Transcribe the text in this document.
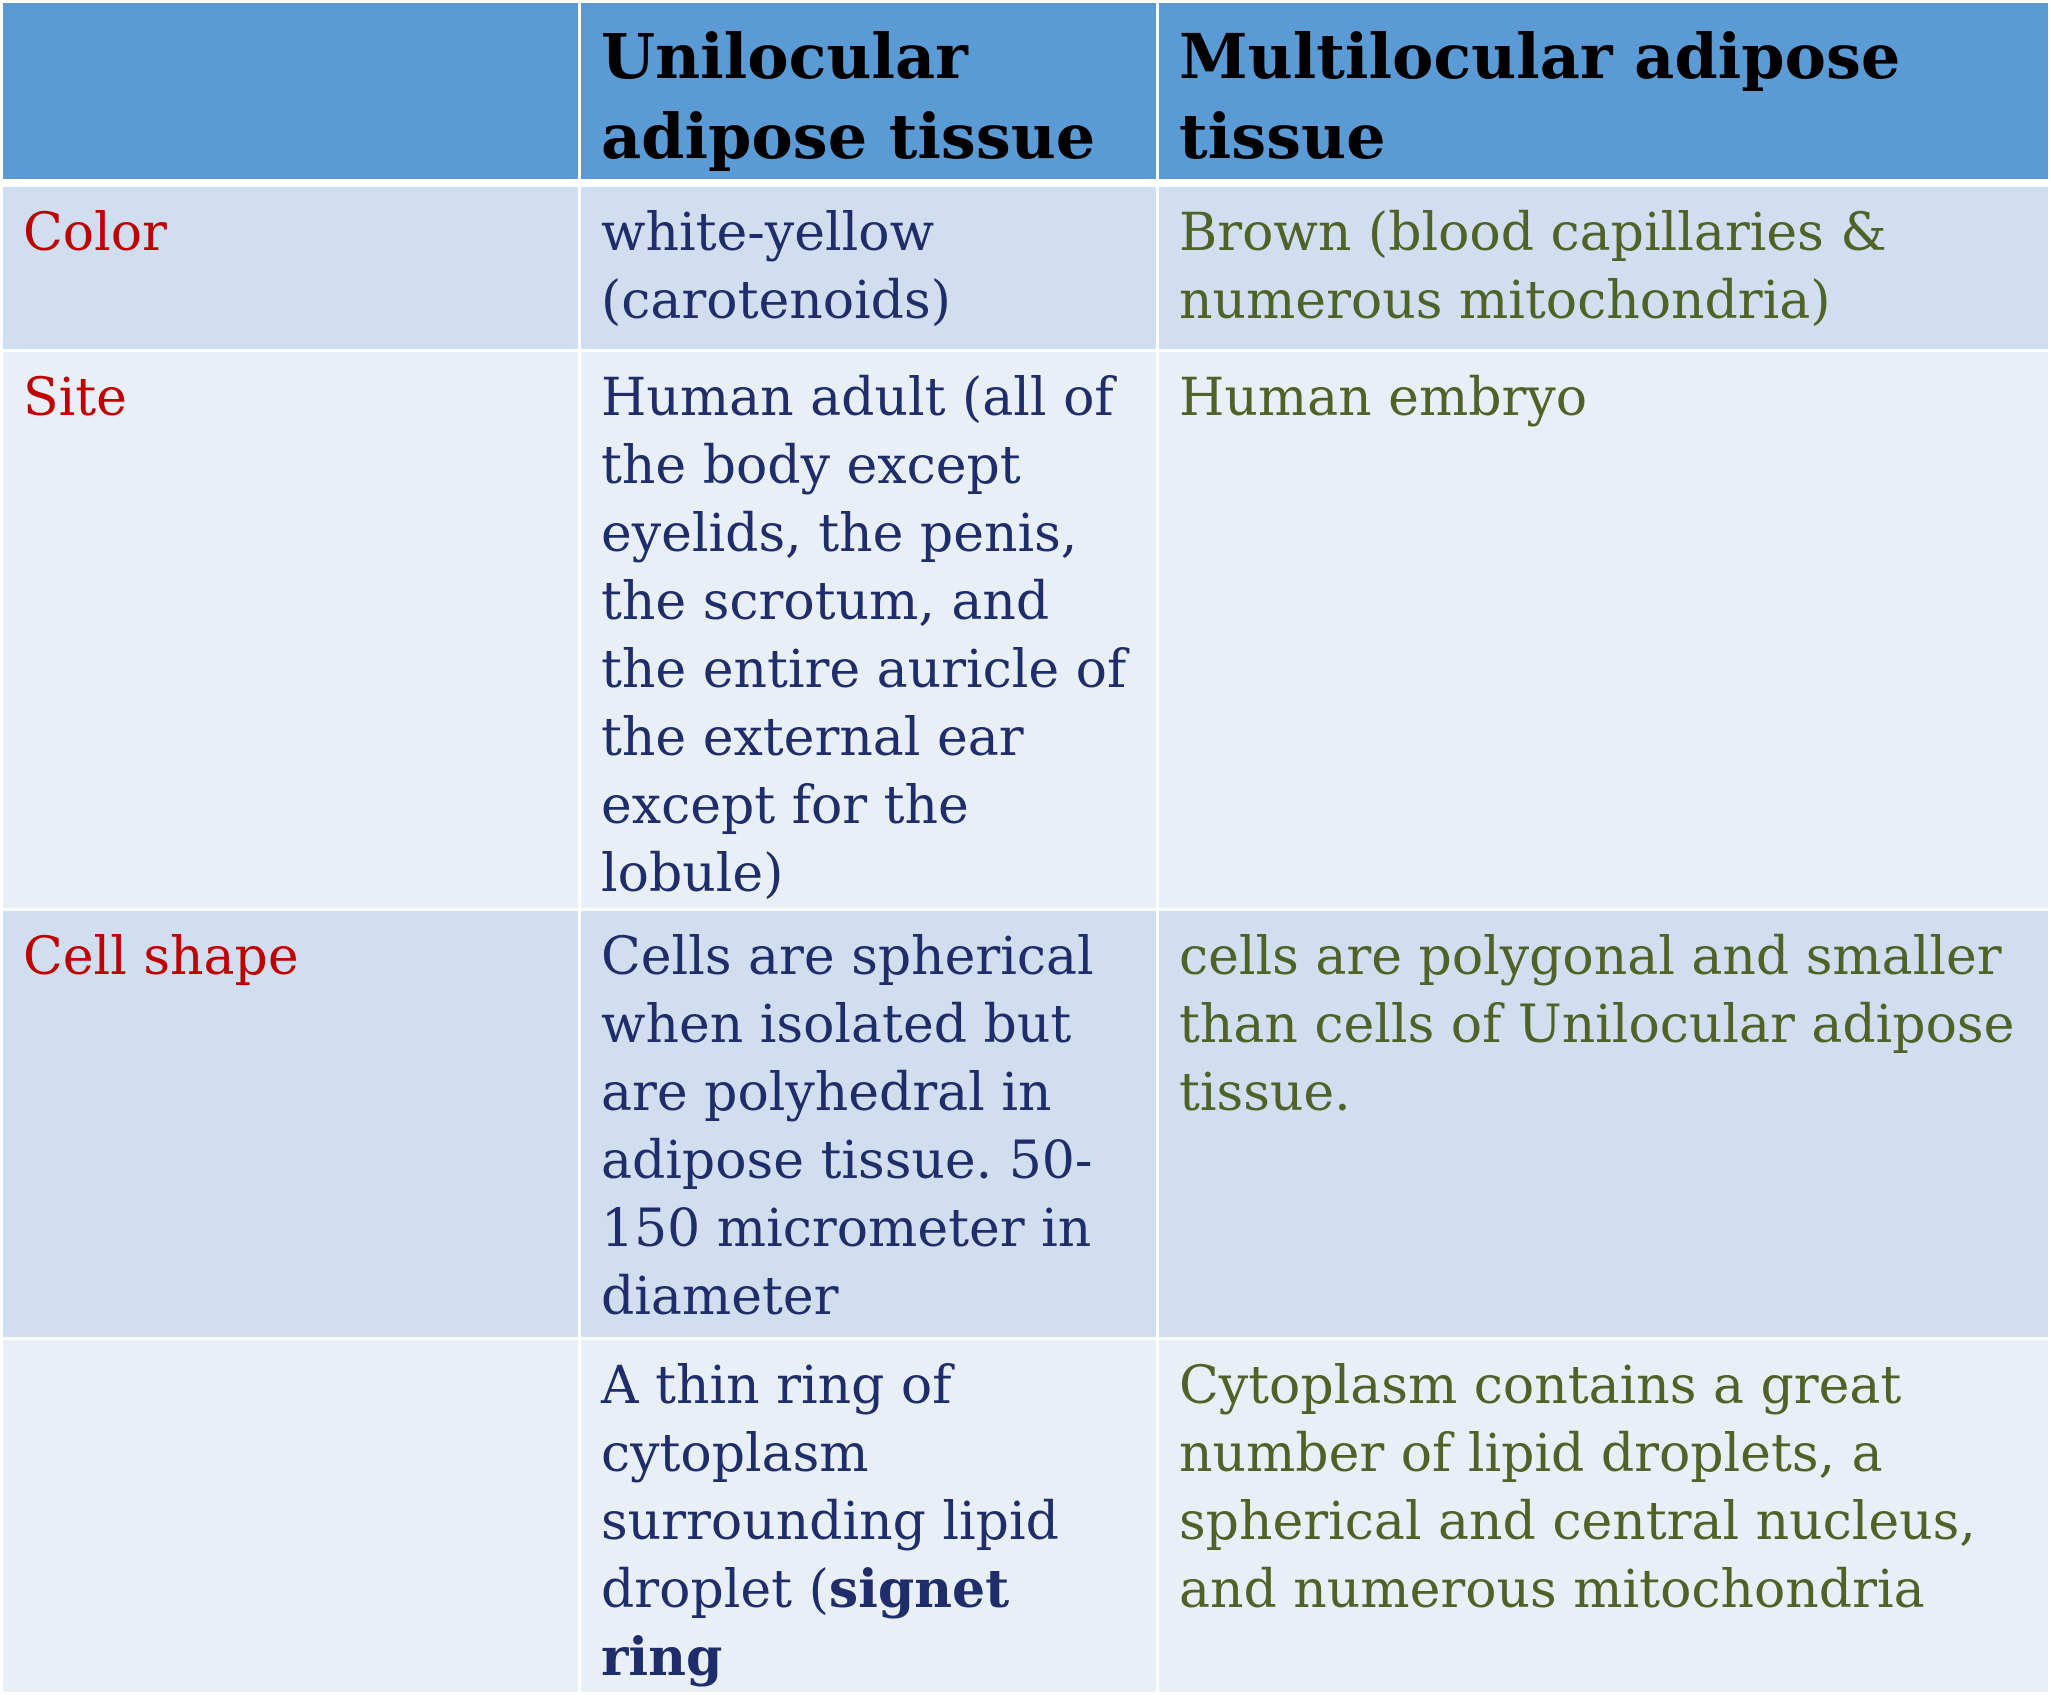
	Unilocular adipose tissue	Multilocular adipose tissue
Color	white-yellow (carotenoids)	Brown (blood capillaries & numerous mitochondria)
Site	Human adult (all of the body except eyelids, the penis, the scrotum, and the entire auricle of the external ear except for the lobule)	Human embryo
Cell shape	Cells are spherical when isolated but are polyhedral in adipose tissue. 50-150 micrometer in diameter	cells are polygonal and smaller than cells of Unilocular adipose tissue.
	A thin ring of cytoplasm surrounding lipid droplet (signet ring	Cytoplasm contains a great number of lipid droplets, a spherical and central nucleus, and numerous mitochondria
